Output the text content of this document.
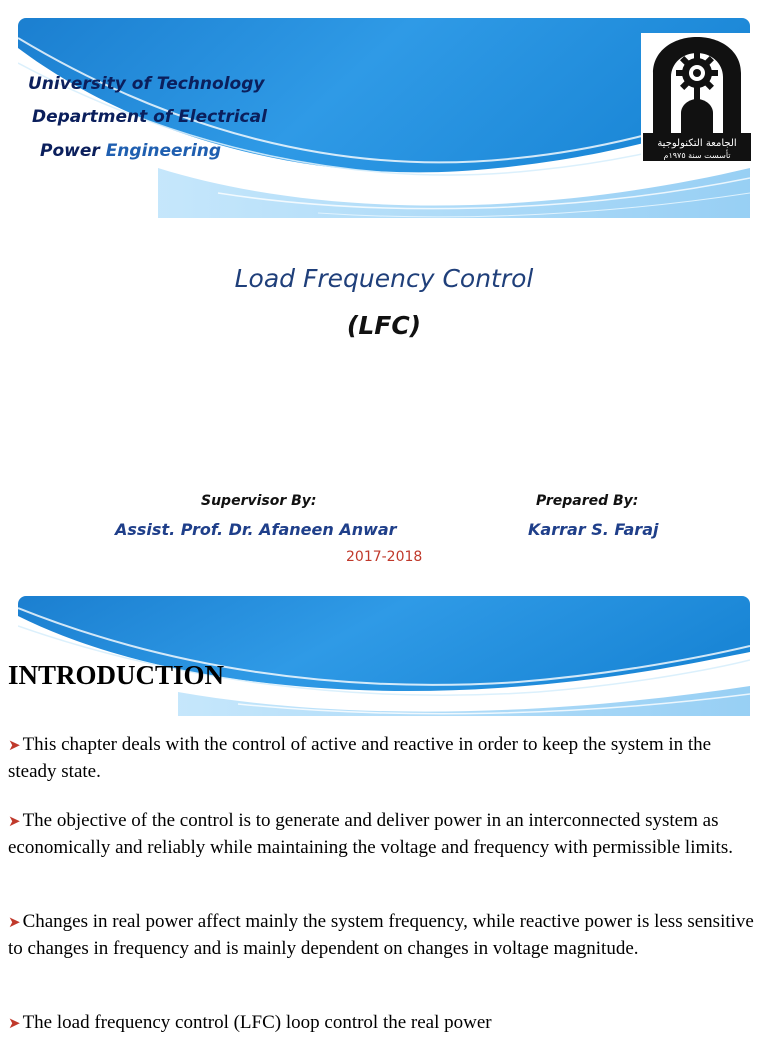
University of Technology
Department of Electrical
Power Engineering	الجامعة التكنولوجية
تأسست سنة ١٩٧٥م
Load Frequency Control
(LFC)
Supervisor By:	Prepared By:
Assist. Prof. Dr. Afaneen Anwar	Karrar S. Faraj
2017-2018
INTRODUCTION
➤ This chapter deals with the control of active and reactive in order to keep the system in the steady state.
➤ The objective of the control is to generate and deliver power in an interconnected system as economically and reliably while maintaining the voltage and frequency with permissible limits.
➤ Changes in real power affect mainly the system frequency, while reactive power is less sensitive to changes in frequency and is mainly dependent on changes in voltage magnitude.
➤ The load frequency control (LFC) loop control the real power
